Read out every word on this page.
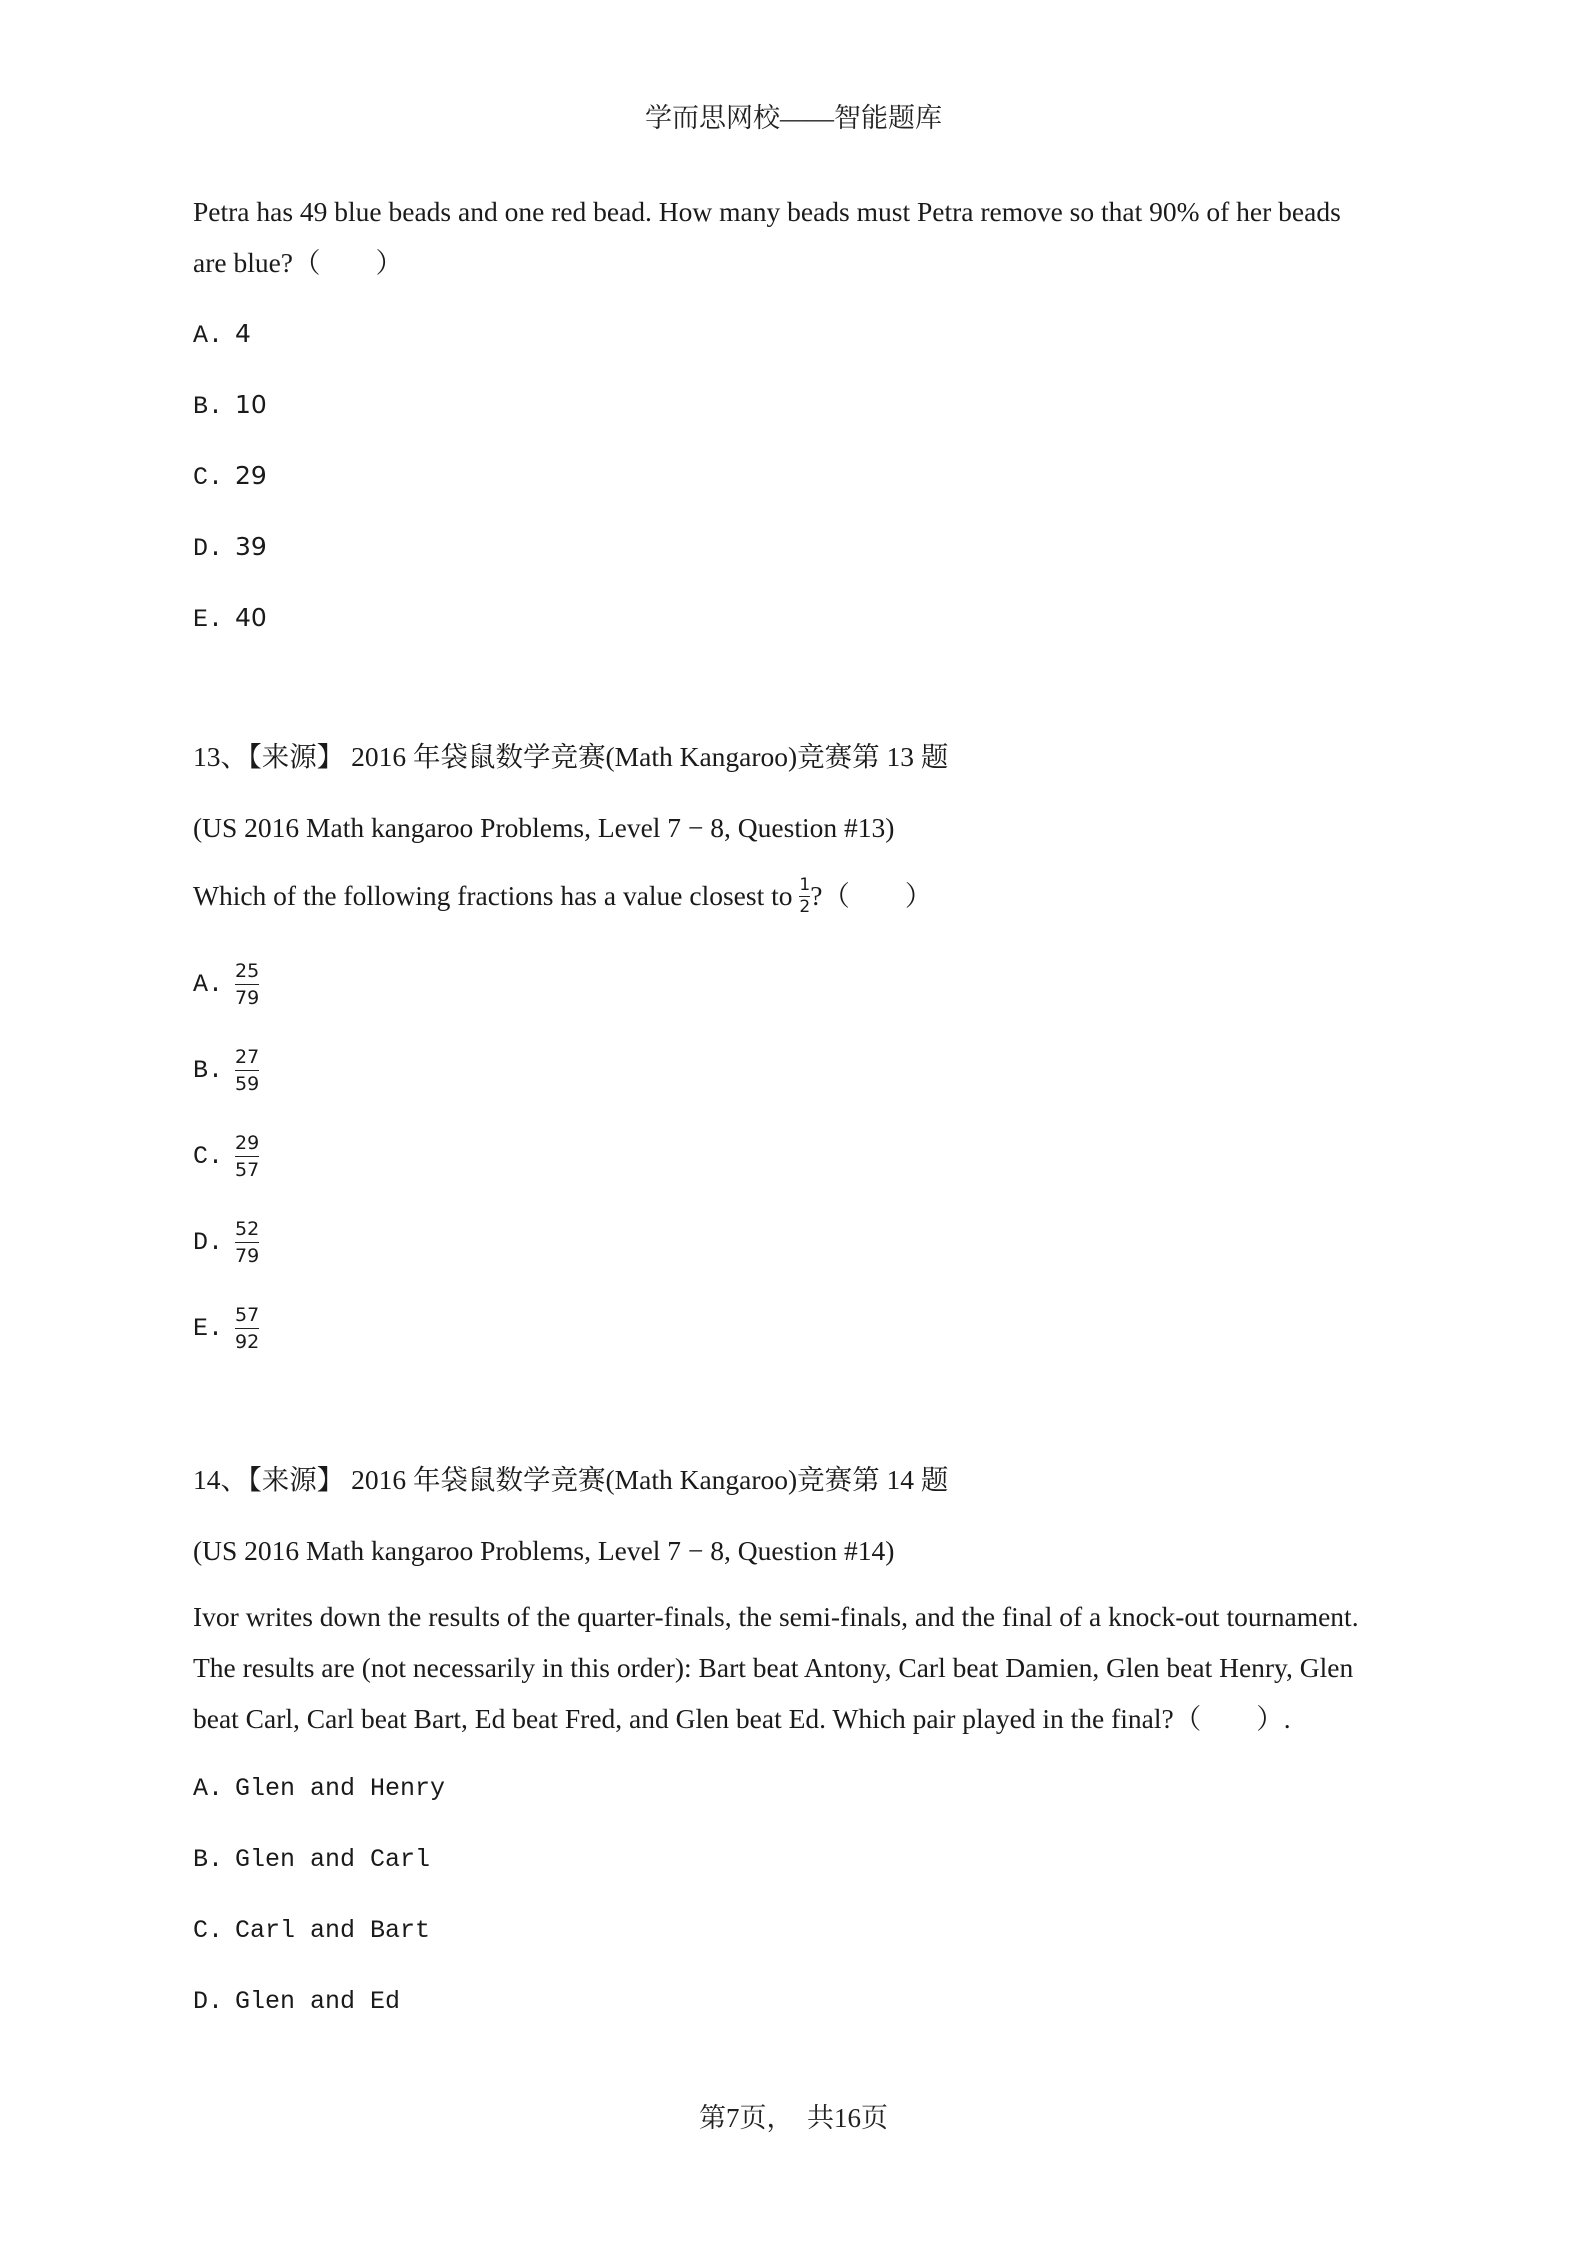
学而思网校——智能题库
Petra has 49 blue beads and one red bead. How many beads must Petra remove so that 90% of her beads
are blue?（　　）
A. 4
B. 10
C. 29
D. 39
E. 40
13、【来源】 2016 年袋鼠数学竞赛(Math Kangaroo)竞赛第 13 题
(US 2016 Math kangaroo Problems, Level 7 − 8, Question #13)
Which of the following fractions has a value closest to $\frac{1}{2}$ ?（　　）
A. $\frac{25}{79}$
B. $\frac{27}{59}$
C. $\frac{29}{57}$
D. $\frac{52}{79}$
E. $\frac{57}{92}$
14、【来源】 2016 年袋鼠数学竞赛(Math Kangaroo)竞赛第 14 题
(US 2016 Math kangaroo Problems, Level 7 − 8, Question #14)
Ivor writes down the results of the quarter-finals, the semi-finals, and the final of a knock-out tournament.
The results are (not necessarily in this order): Bart beat Antony, Carl beat Damien, Glen beat Henry, Glen
beat Carl, Carl beat Bart, Ed beat Fred, and Glen beat Ed. Which pair played in the final?（　　）.
A. Glen and Henry
B. Glen and Carl
C. Carl and Bart
D. Glen and Ed
第7页，　共16页
